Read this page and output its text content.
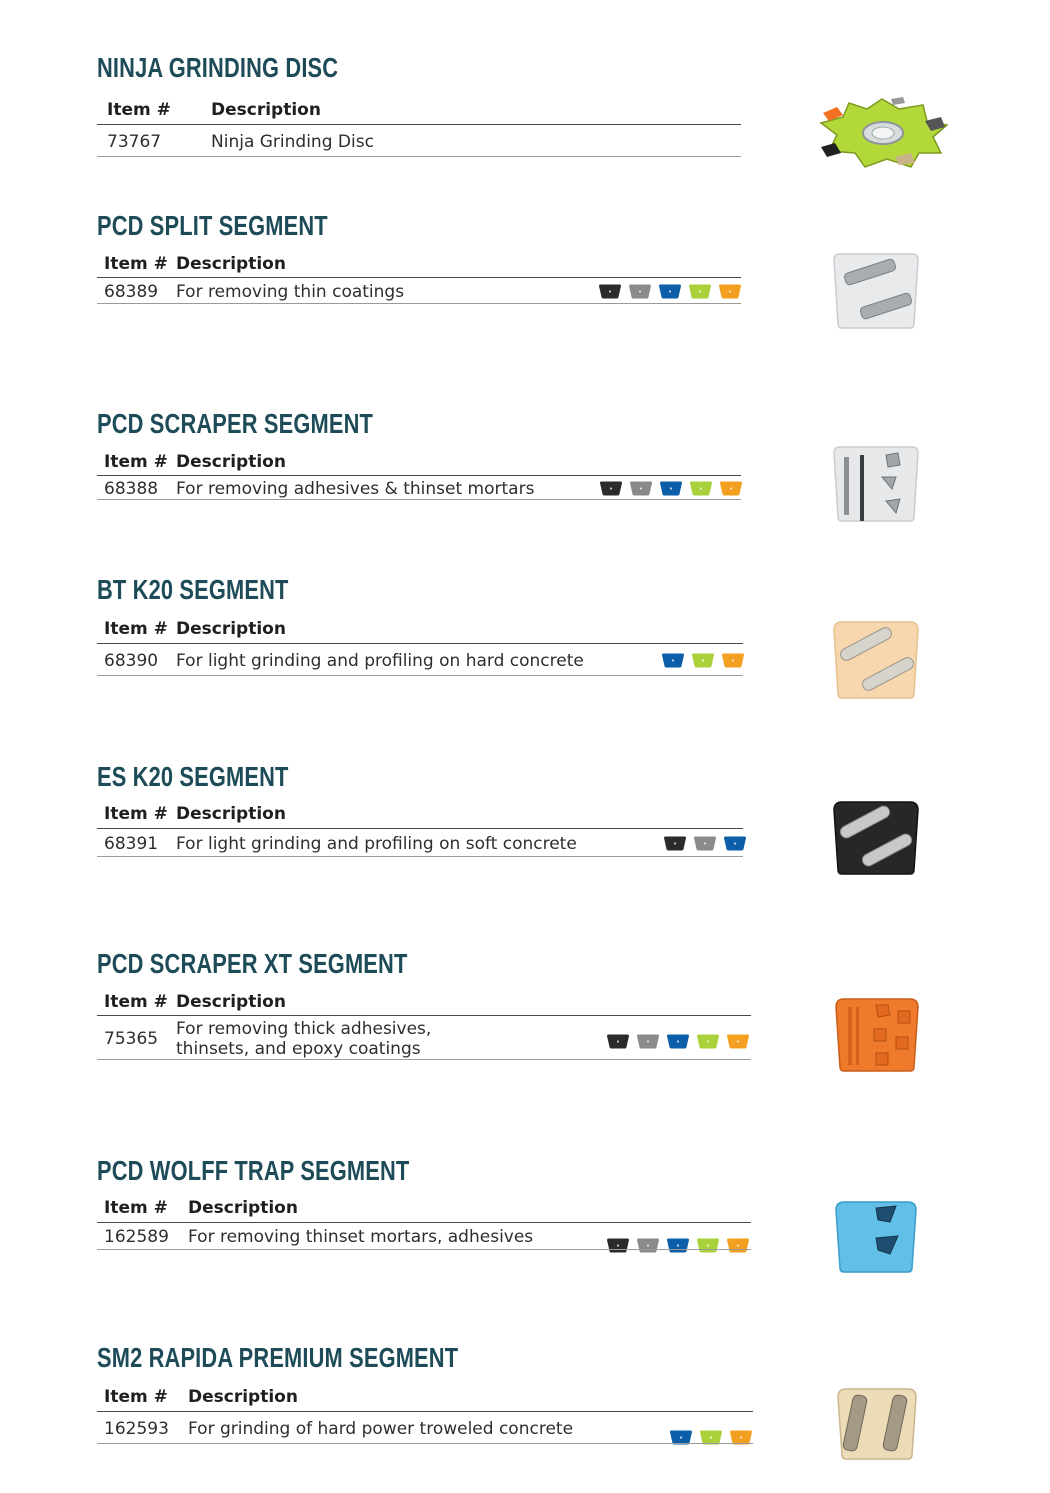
NINJA GRINDING DISC
Item # Description
73767	Ninja Grinding Disc
PCD SPLIT SEGMENT
Item # Description
68389 For removing thin coatings
PCD SCRAPER SEGMENT
Item # Description
68388 For removing adhesives & thinset mortars
BT K20 SEGMENT
Item # Description
68390 For light grinding and profiling on hard concrete
ES K20 SEGMENT
Item # Description
68391 For light grinding and profiling on soft concrete
PCD SCRAPER XT SEGMENT
Item # Description
75365 For removing thick adhesives,
thinsets, and epoxy coatings
PCD WOLFF TRAP SEGMENT
Item # Description
162589 For removing thinset mortars, adhesives
SM2 RAPIDA PREMIUM SEGMENT
Item # Description
162593 For grinding of hard power troweled concrete
